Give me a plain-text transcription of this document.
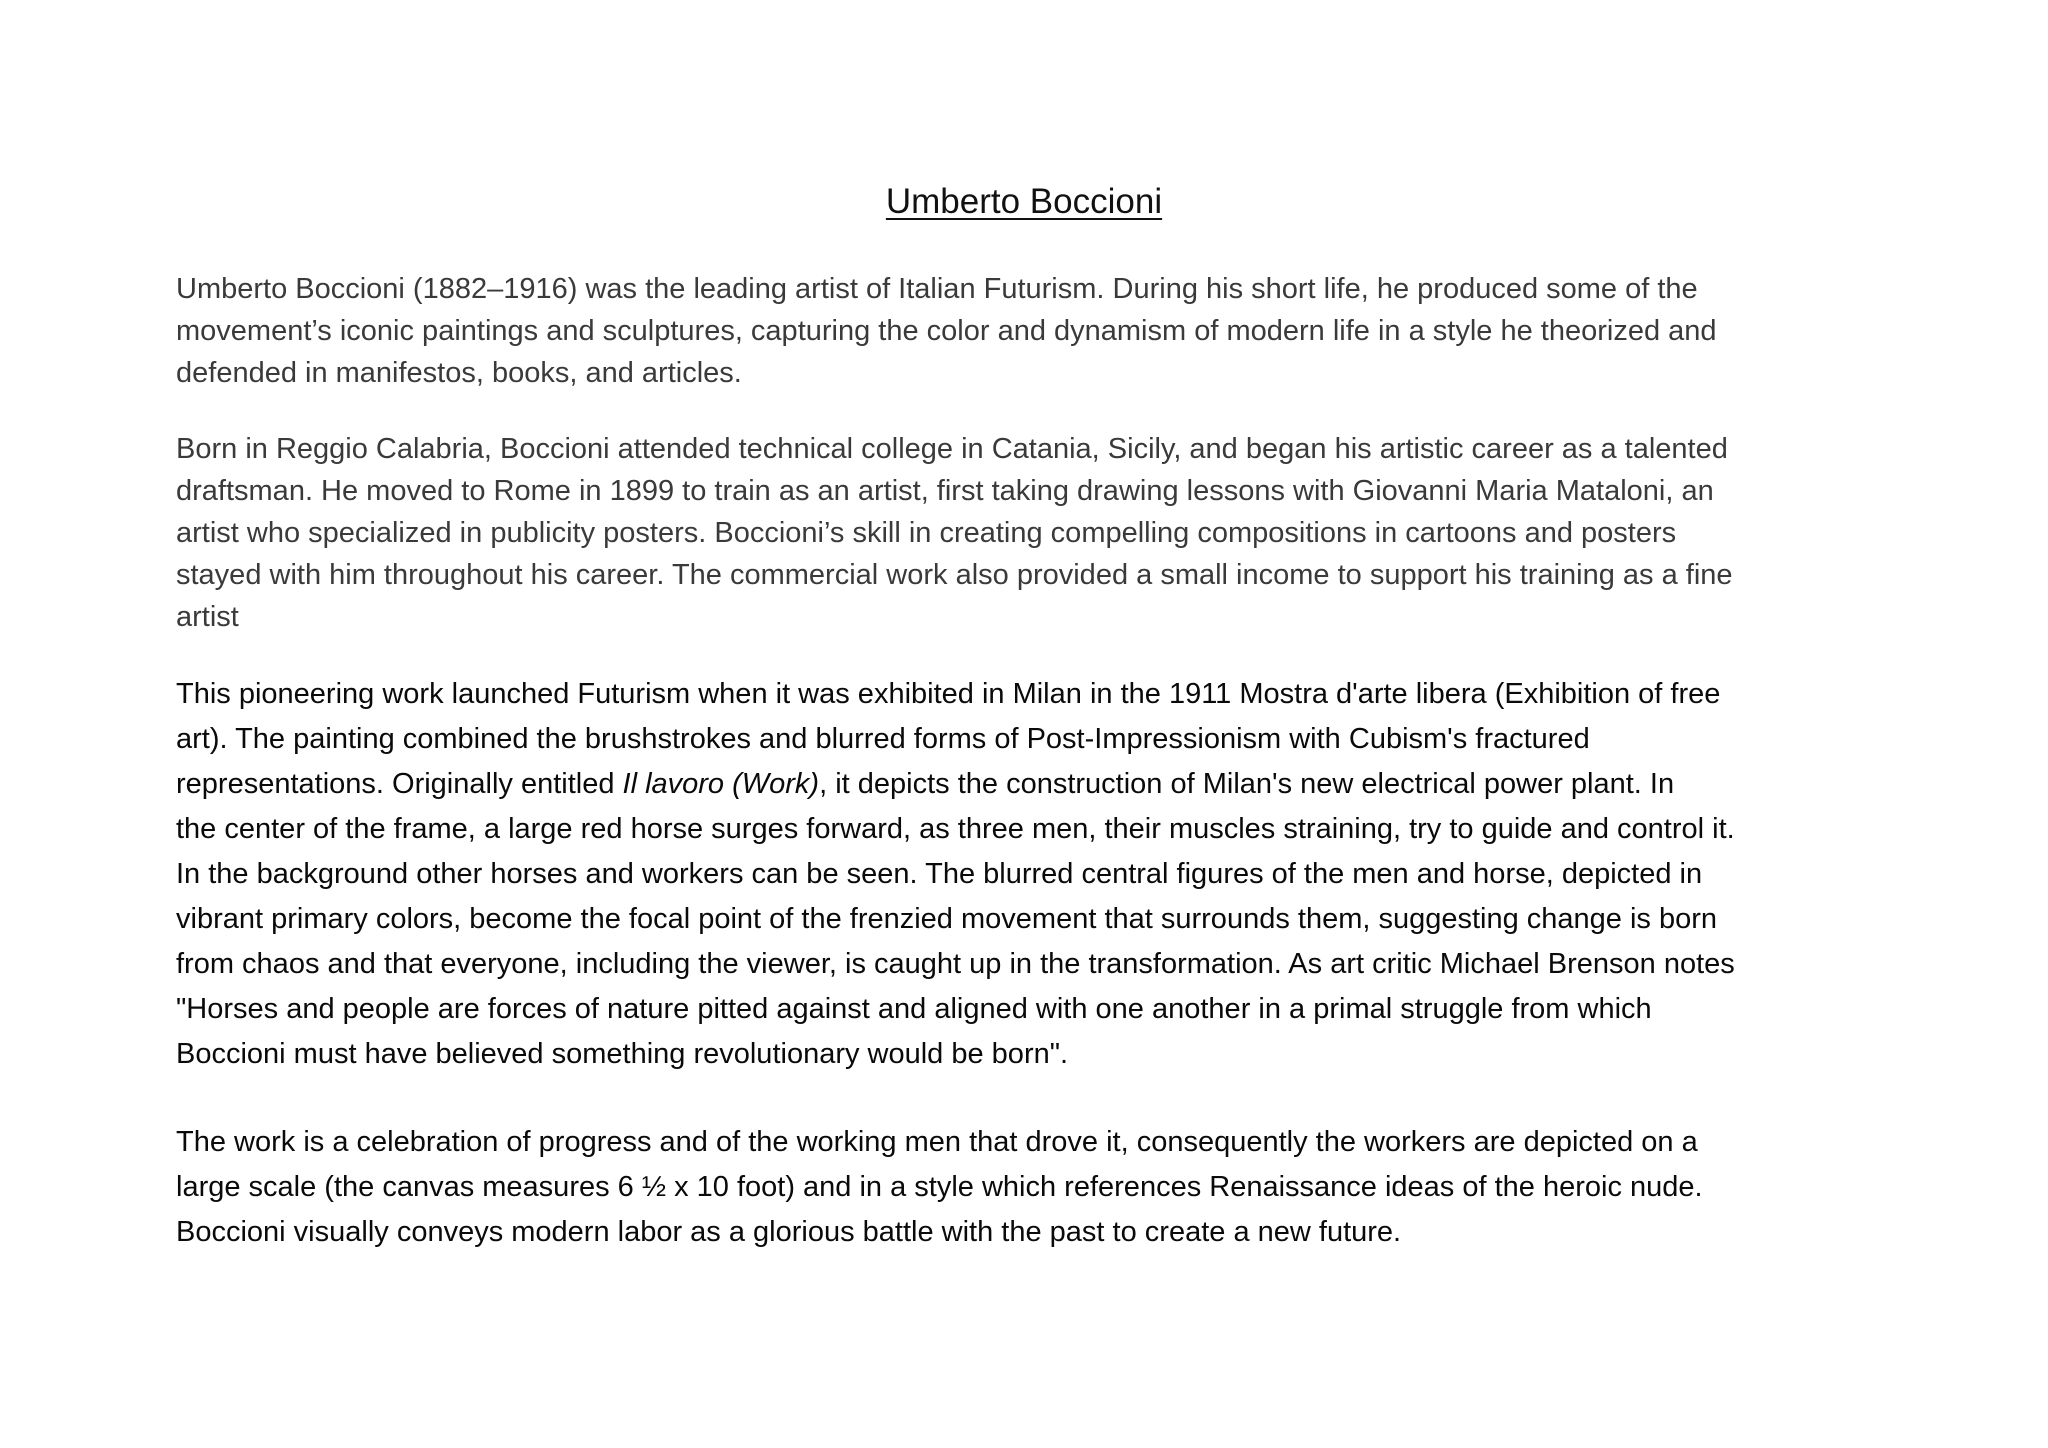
Umberto Boccioni

Umberto Boccioni (1882–1916) was the leading artist of Italian Futurism. During his short life, he produced some of the
movement’s iconic paintings and sculptures, capturing the color and dynamism of modern life in a style he theorized and
defended in manifestos, books, and articles.

Born in Reggio Calabria, Boccioni attended technical college in Catania, Sicily, and began his artistic career as a talented
draftsman. He moved to Rome in 1899 to train as an artist, first taking drawing lessons with Giovanni Maria Mataloni, an
artist who specialized in publicity posters. Boccioni’s skill in creating compelling compositions in cartoons and posters
stayed with him throughout his career. The commercial work also provided a small income to support his training as a fine
artist

This pioneering work launched Futurism when it was exhibited in Milan in the 1911 Mostra d'arte libera (Exhibition of free
art). The painting combined the brushstrokes and blurred forms of Post-Impressionism with Cubism's fractured
representations. Originally entitled Il lavoro (Work), it depicts the construction of Milan's new electrical power plant. In
the center of the frame, a large red horse surges forward, as three men, their muscles straining, try to guide and control it.
In the background other horses and workers can be seen. The blurred central figures of the men and horse, depicted in
vibrant primary colors, become the focal point of the frenzied movement that surrounds them, suggesting change is born
from chaos and that everyone, including the viewer, is caught up in the transformation. As art critic Michael Brenson notes
"Horses and people are forces of nature pitted against and aligned with one another in a primal struggle from which
Boccioni must have believed something revolutionary would be born".

The work is a celebration of progress and of the working men that drove it, consequently the workers are depicted on a
large scale (the canvas measures 6 ½ x 10 foot) and in a style which references Renaissance ideas of the heroic nude.
Boccioni visually conveys modern labor as a glorious battle with the past to create a new future.
